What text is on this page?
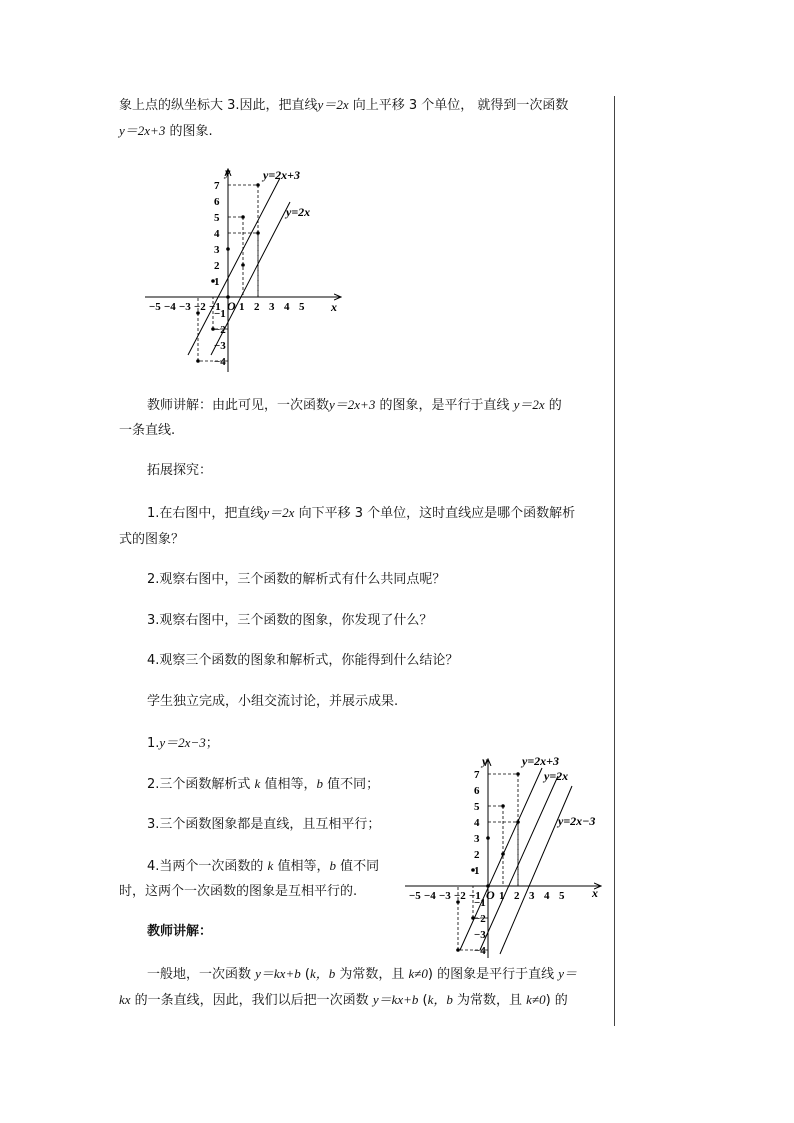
象上点的纵坐标大 3.因此，把直线y＝2x 向上平移 3 个单位， 就得到一次函数
y＝2x+3 的图象.
−5 −4 −3 −2 −1 1 2 3 4 5
7
6
5
4
3
2
1
−1
−2
−3
−4
y
x
O
y=2x+3
y=2x
教师讲解：由此可见，一次函数y＝2x+3 的图象，是平行于直线 y＝2x 的
一条直线.
拓展探究：
1.在右图中，把直线y＝2x 向下平移 3 个单位，这时直线应是哪个函数解析
式的图象？
2.观察右图中，三个函数的解析式有什么共同点呢？
3.观察右图中，三个函数的图象，你发现了什么？
4.观察三个函数的图象和解析式，你能得到什么结论？
学生独立完成，小组交流讨论，并展示成果.
1.y＝2x−3；
2.三个函数解析式 k 值相等，b 值不同；
3.三个函数图象都是直线，且互相平行；
4.当两个一次函数的 k 值相等，b 值不同
时，这两个一次函数的图象是互相平行的.
教师讲解：
一般地，一次函数 y＝kx+b (k，b 为常数，且 k≠0) 的图象是平行于直线 y＝
kx 的一条直线，因此，我们以后把一次函数 y＝kx+b (k，b 为常数，且 k≠0) 的
−5 −4 −3 −2 −1 1 2 3 4 5
7
6
5
4
3
2
1
−1
−2
−3
−4
y
x
O
y=2x+3
y=2x
y=2x−3
